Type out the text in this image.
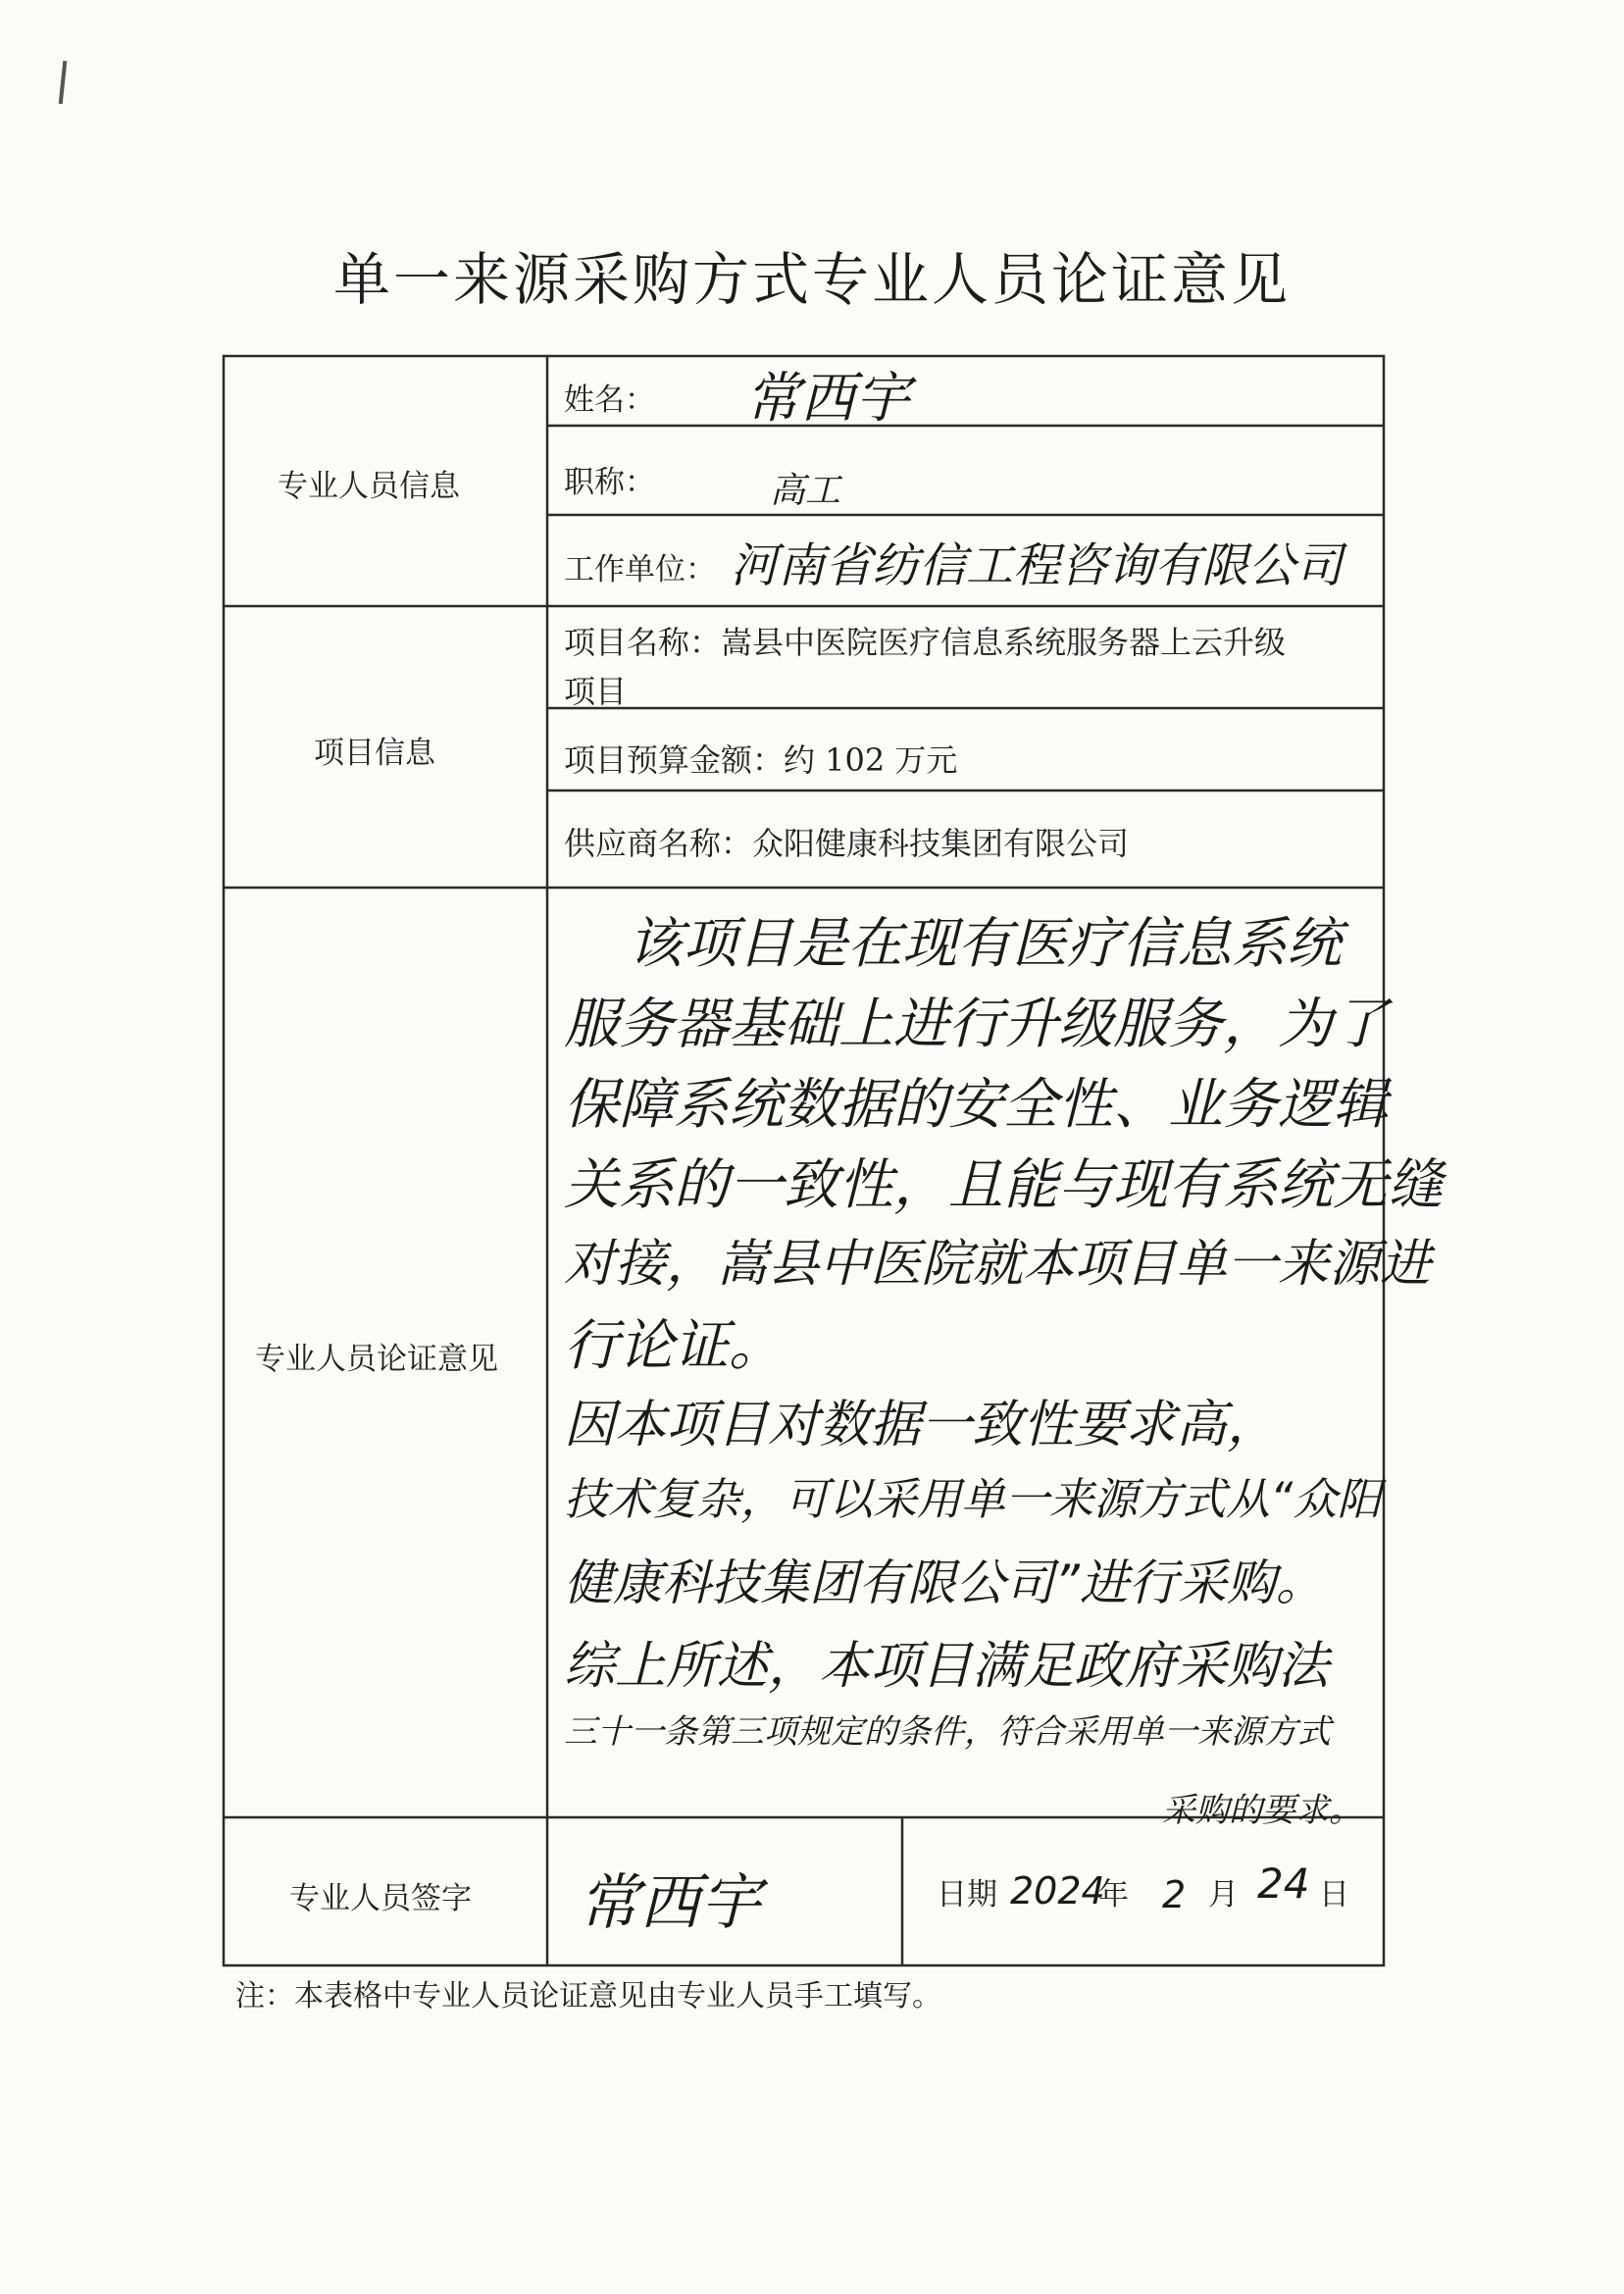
单一来源采购方式专业人员论证意见
专业人员信息
项目信息
专业人员论证意见
专业人员签字
姓名： 常西宇
职称：	高工
工作单位： 河南省纺信工程咨询有限公司
项目名称：嵩县中医院医疗信息系统服务器上云升级
项目
项目预算金额：约 102 万元
供应商名称：众阳健康科技集团有限公司
该项目是在现有医疗信息系统
服务器基础上进行升级服务，为了
保障系统数据的安全性、业务逻辑
关系的一致性，且能与现有系统无缝
对接，嵩县中医院就本项目单一来源进
行论证。
因本项目对数据一致性要求高，
技术复杂，可以采用单一来源方式从“众阳
健康科技集团有限公司”进行采购。
综上所述，本项目满足政府采购法
三十一条第三项规定的条件，符合采用单一来源方式
采购的要求。
常西宇	日期 2024
年 2 月 24 日
注：本表格中专业人员论证意见由专业人员手工填写。
